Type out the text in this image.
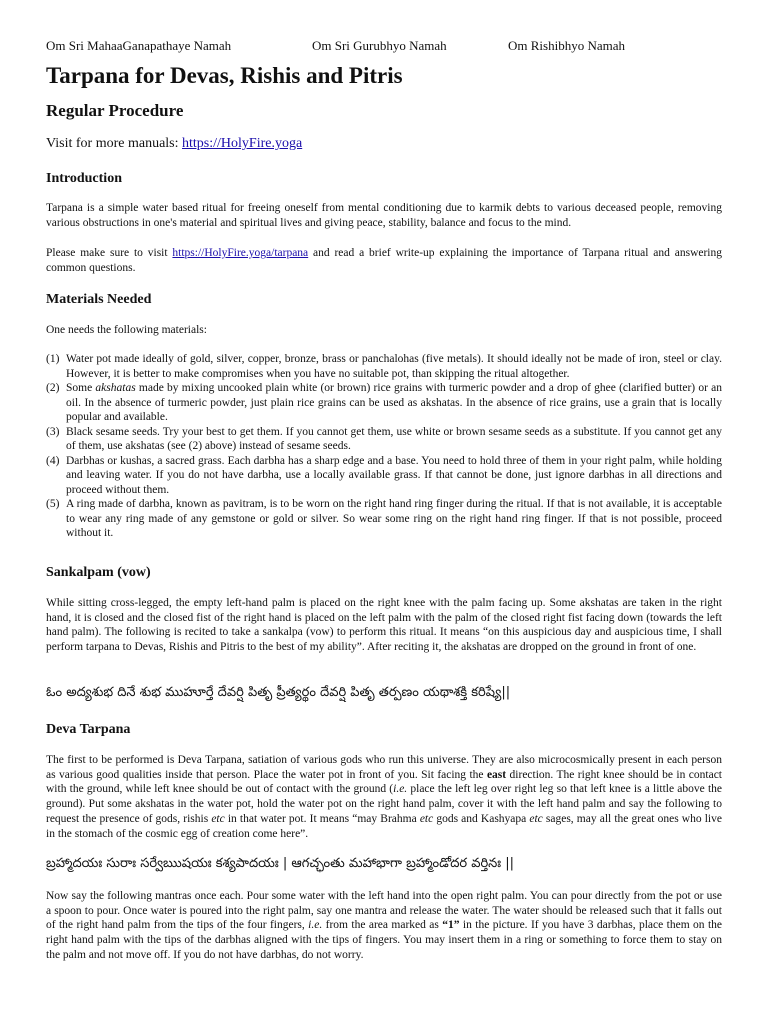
Om Sri MahaaGanapathaye Namah	Om Sri Gurubhyo Namah	Om Rishibhyo Namah
Tarpana for Devas, Rishis and Pitris
Regular Procedure
Visit for more manuals: https://HolyFire.yoga
Introduction

Tarpana is a simple water based ritual for freeing oneself from mental conditioning due to karmik debts to various deceased people, removing various obstructions in one's material and spiritual lives and giving peace, stability, balance and focus to the mind.

Please make sure to visit https://HolyFire.yoga/tarpana and read a brief write-up explaining the importance of Tarpana ritual and answering common questions.

Materials Needed

One needs the following materials:

(1) Water pot made ideally of gold, silver, copper, bronze, brass or panchalohas (five metals). It should ideally not be made of iron, steel or clay. However, it is better to make compromises when you have no suitable pot, than skipping the ritual altogether.
(2) Some akshatas made by mixing uncooked plain white (or brown) rice grains with turmeric powder and a drop of ghee (clarified butter) or an oil. In the absence of turmeric powder, just plain rice grains can be used as akshatas. In the absence of rice grains, use a grain that is locally popular and available.
(3) Black sesame seeds. Try your best to get them. If you cannot get them, use white or brown sesame seeds as a substitute. If you cannot get any of them, use akshatas (see (2) above) instead of sesame seeds.
(4) Darbhas or kushas, a sacred grass. Each darbha has a sharp edge and a base. You need to hold three of them in your right palm, while holding and leaving water. If you do not have darbha, use a locally available grass. If that cannot be done, just ignore darbhas in all directions and proceed without them.
(5) A ring made of darbha, known as pavitram, is to be worn on the right hand ring finger during the ritual. If that is not available, it is acceptable to wear any ring made of any gemstone or gold or silver. So wear some ring on the right hand ring finger. If that is not possible, proceed without it.
Sankalpam (vow)

While sitting cross-legged, the empty left-hand palm is placed on the right knee with the palm facing up. Some akshatas are taken in the right hand, it is closed and the closed fist of the right hand is placed on the left palm with the palm of the closed right fist facing down (towards the left hand palm). The following is recited to take a sankalpa (vow) to perform this ritual. It means “on this auspicious day and auspicious time, I shall perform tarpana to Devas, Rishis and Pitris to the best of my ability”. After reciting it, the akshatas are dropped on the ground in front of one.

ఓం అద్యశుభ దినే శుభ ముహూర్తే దేవర్షి పితృ ప్రీత్యర్థం దేవర్షి పితృ తర్పణం యథాశక్తి కరిష్యే||

Deva Tarpana

The first to be performed is Deva Tarpana, satiation of various gods who run this universe. They are also microcosmically present in each person as various good qualities inside that person. Place the water pot in front of you. Sit facing the east direction. The right knee should be in contact with the ground, while left knee should be out of contact with the ground (i.e. place the left leg over right leg so that left knee is a little above the ground). Put some akshatas in the water pot, hold the water pot on the right hand palm, cover it with the left hand palm and say the following to request the presence of gods, rishis etc in that water pot. It means “may Brahma etc gods and Kashyapa etc sages, may all the great ones who live in the stomach of the cosmic egg of creation come here”.

బ్రహ్మాదయః సురాః సర్వేఋషయః కశ్యపాదయః | ఆగచ్ఛంతు మహాభాగా బ్రహ్మాండోదర వర్తినః ||

Now say the following mantras once each. Pour some water with the left hand into the open right palm. You can pour directly from the pot or use a spoon to pour. Once water is poured into the right palm, say one mantra and release the water. The water should be released such that it falls out of the right hand palm from the tips of the four fingers, i.e. from the area marked as “1” in the picture. If you have 3 darbhas, place them on the right hand palm with the tips of the darbhas aligned with the tips of fingers. You may insert them in a ring or something to force them to stay on the palm and not move off. If you do not have darbhas, do not worry.
